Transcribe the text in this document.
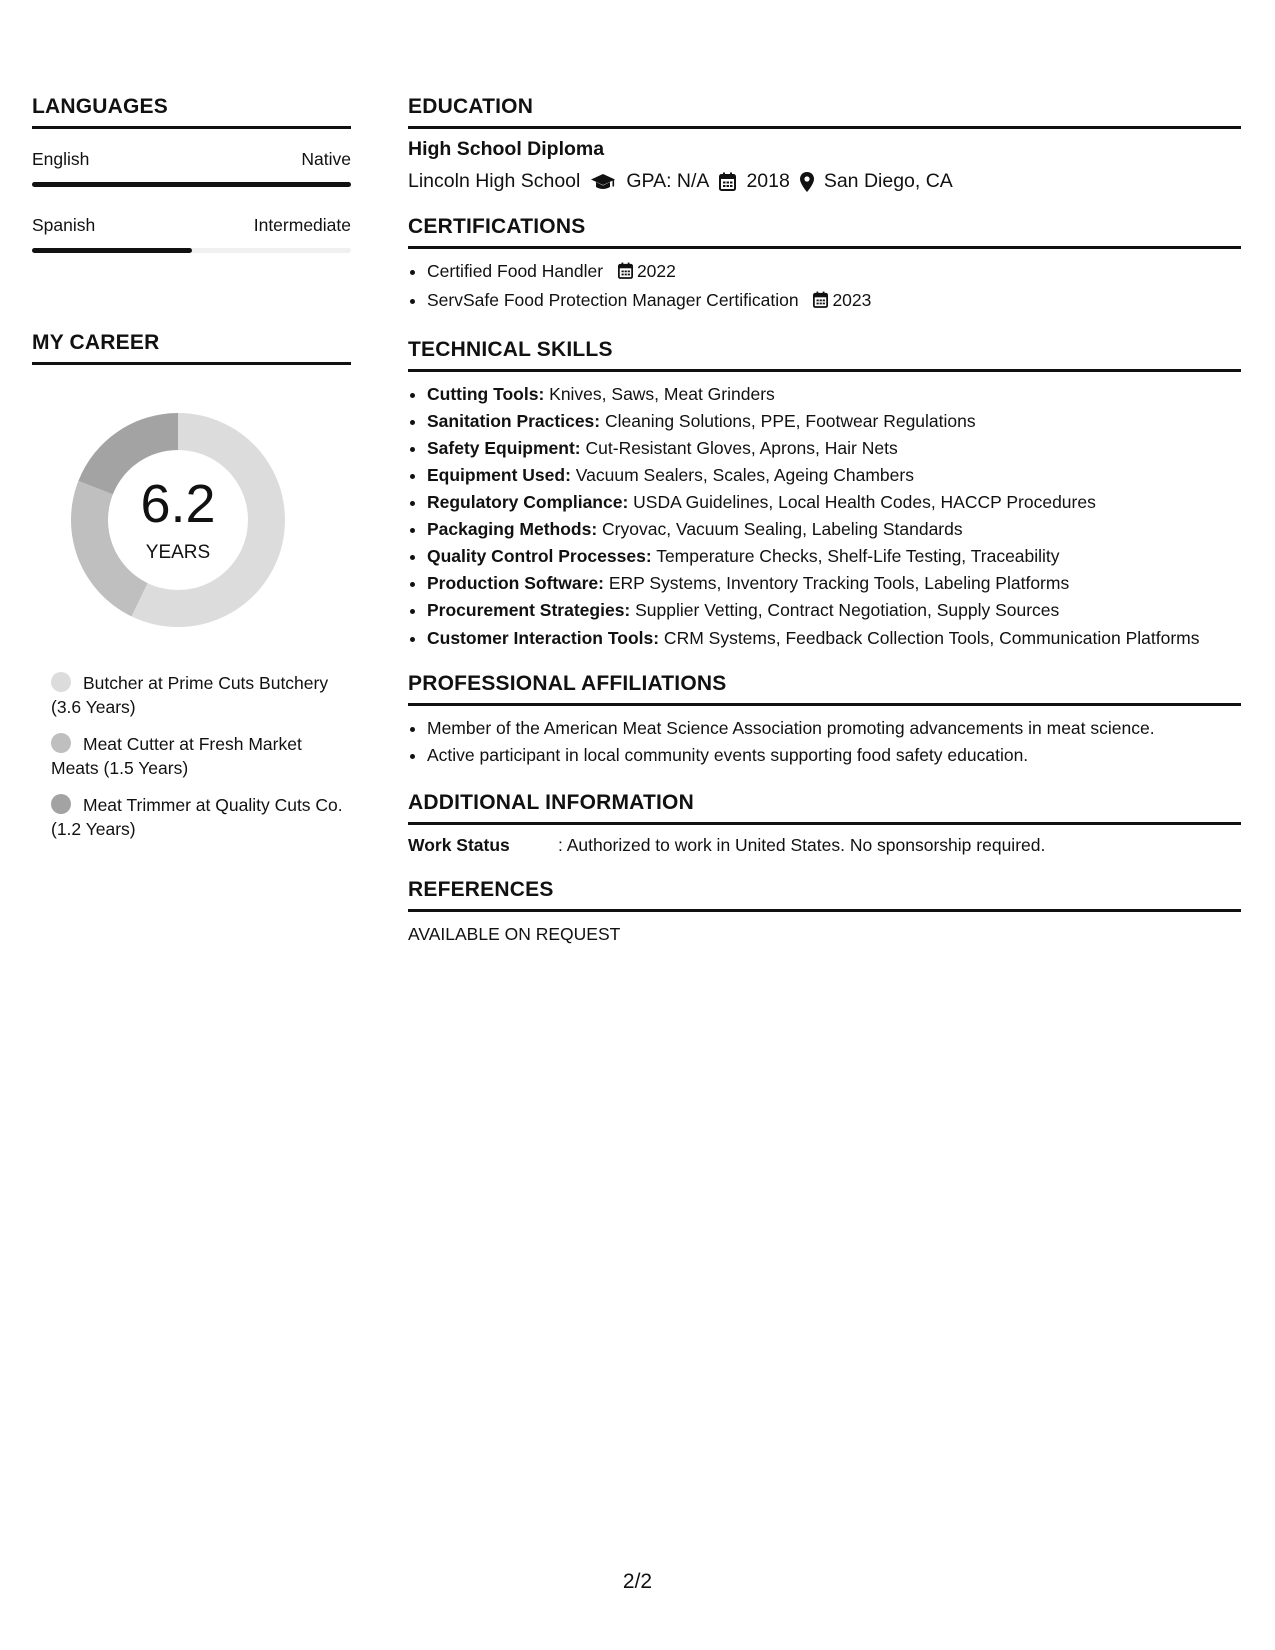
LANGUAGES
English	Native
Spanish	Intermediate
MY CAREER
6.2
YEARS
Butcher at Prime Cuts Butchery (3.6 Years)
Meat Cutter at Fresh Market Meats (1.5 Years)
Meat Trimmer at Quality Cuts Co. (1.2 Years)
EDUCATION
High School Diploma
Lincoln High School GPA: N/A 2018 San Diego, CA
CERTIFICATIONS
• Certified Food Handler 2022
• ServSafe Food Protection Manager Certification 2023
TECHNICAL SKILLS
• Cutting Tools: Knives, Saws, Meat Grinders
• Sanitation Practices: Cleaning Solutions, PPE, Footwear Regulations
• Safety Equipment: Cut-Resistant Gloves, Aprons, Hair Nets
• Equipment Used: Vacuum Sealers, Scales, Ageing Chambers
• Regulatory Compliance: USDA Guidelines, Local Health Codes, HACCP Procedures
• Packaging Methods: Cryovac, Vacuum Sealing, Labeling Standards
• Quality Control Processes: Temperature Checks, Shelf-Life Testing, Traceability
• Production Software: ERP Systems, Inventory Tracking Tools, Labeling Platforms
• Procurement Strategies: Supplier Vetting, Contract Negotiation, Supply Sources
• Customer Interaction Tools: CRM Systems, Feedback Collection Tools, Communication Platforms
PROFESSIONAL AFFILIATIONS
• Member of the American Meat Science Association promoting advancements in meat science.
• Active participant in local community events supporting food safety education.
ADDITIONAL INFORMATION
Work Status	: Authorized to work in United States. No sponsorship required.
REFERENCES
AVAILABLE ON REQUEST
2/2
